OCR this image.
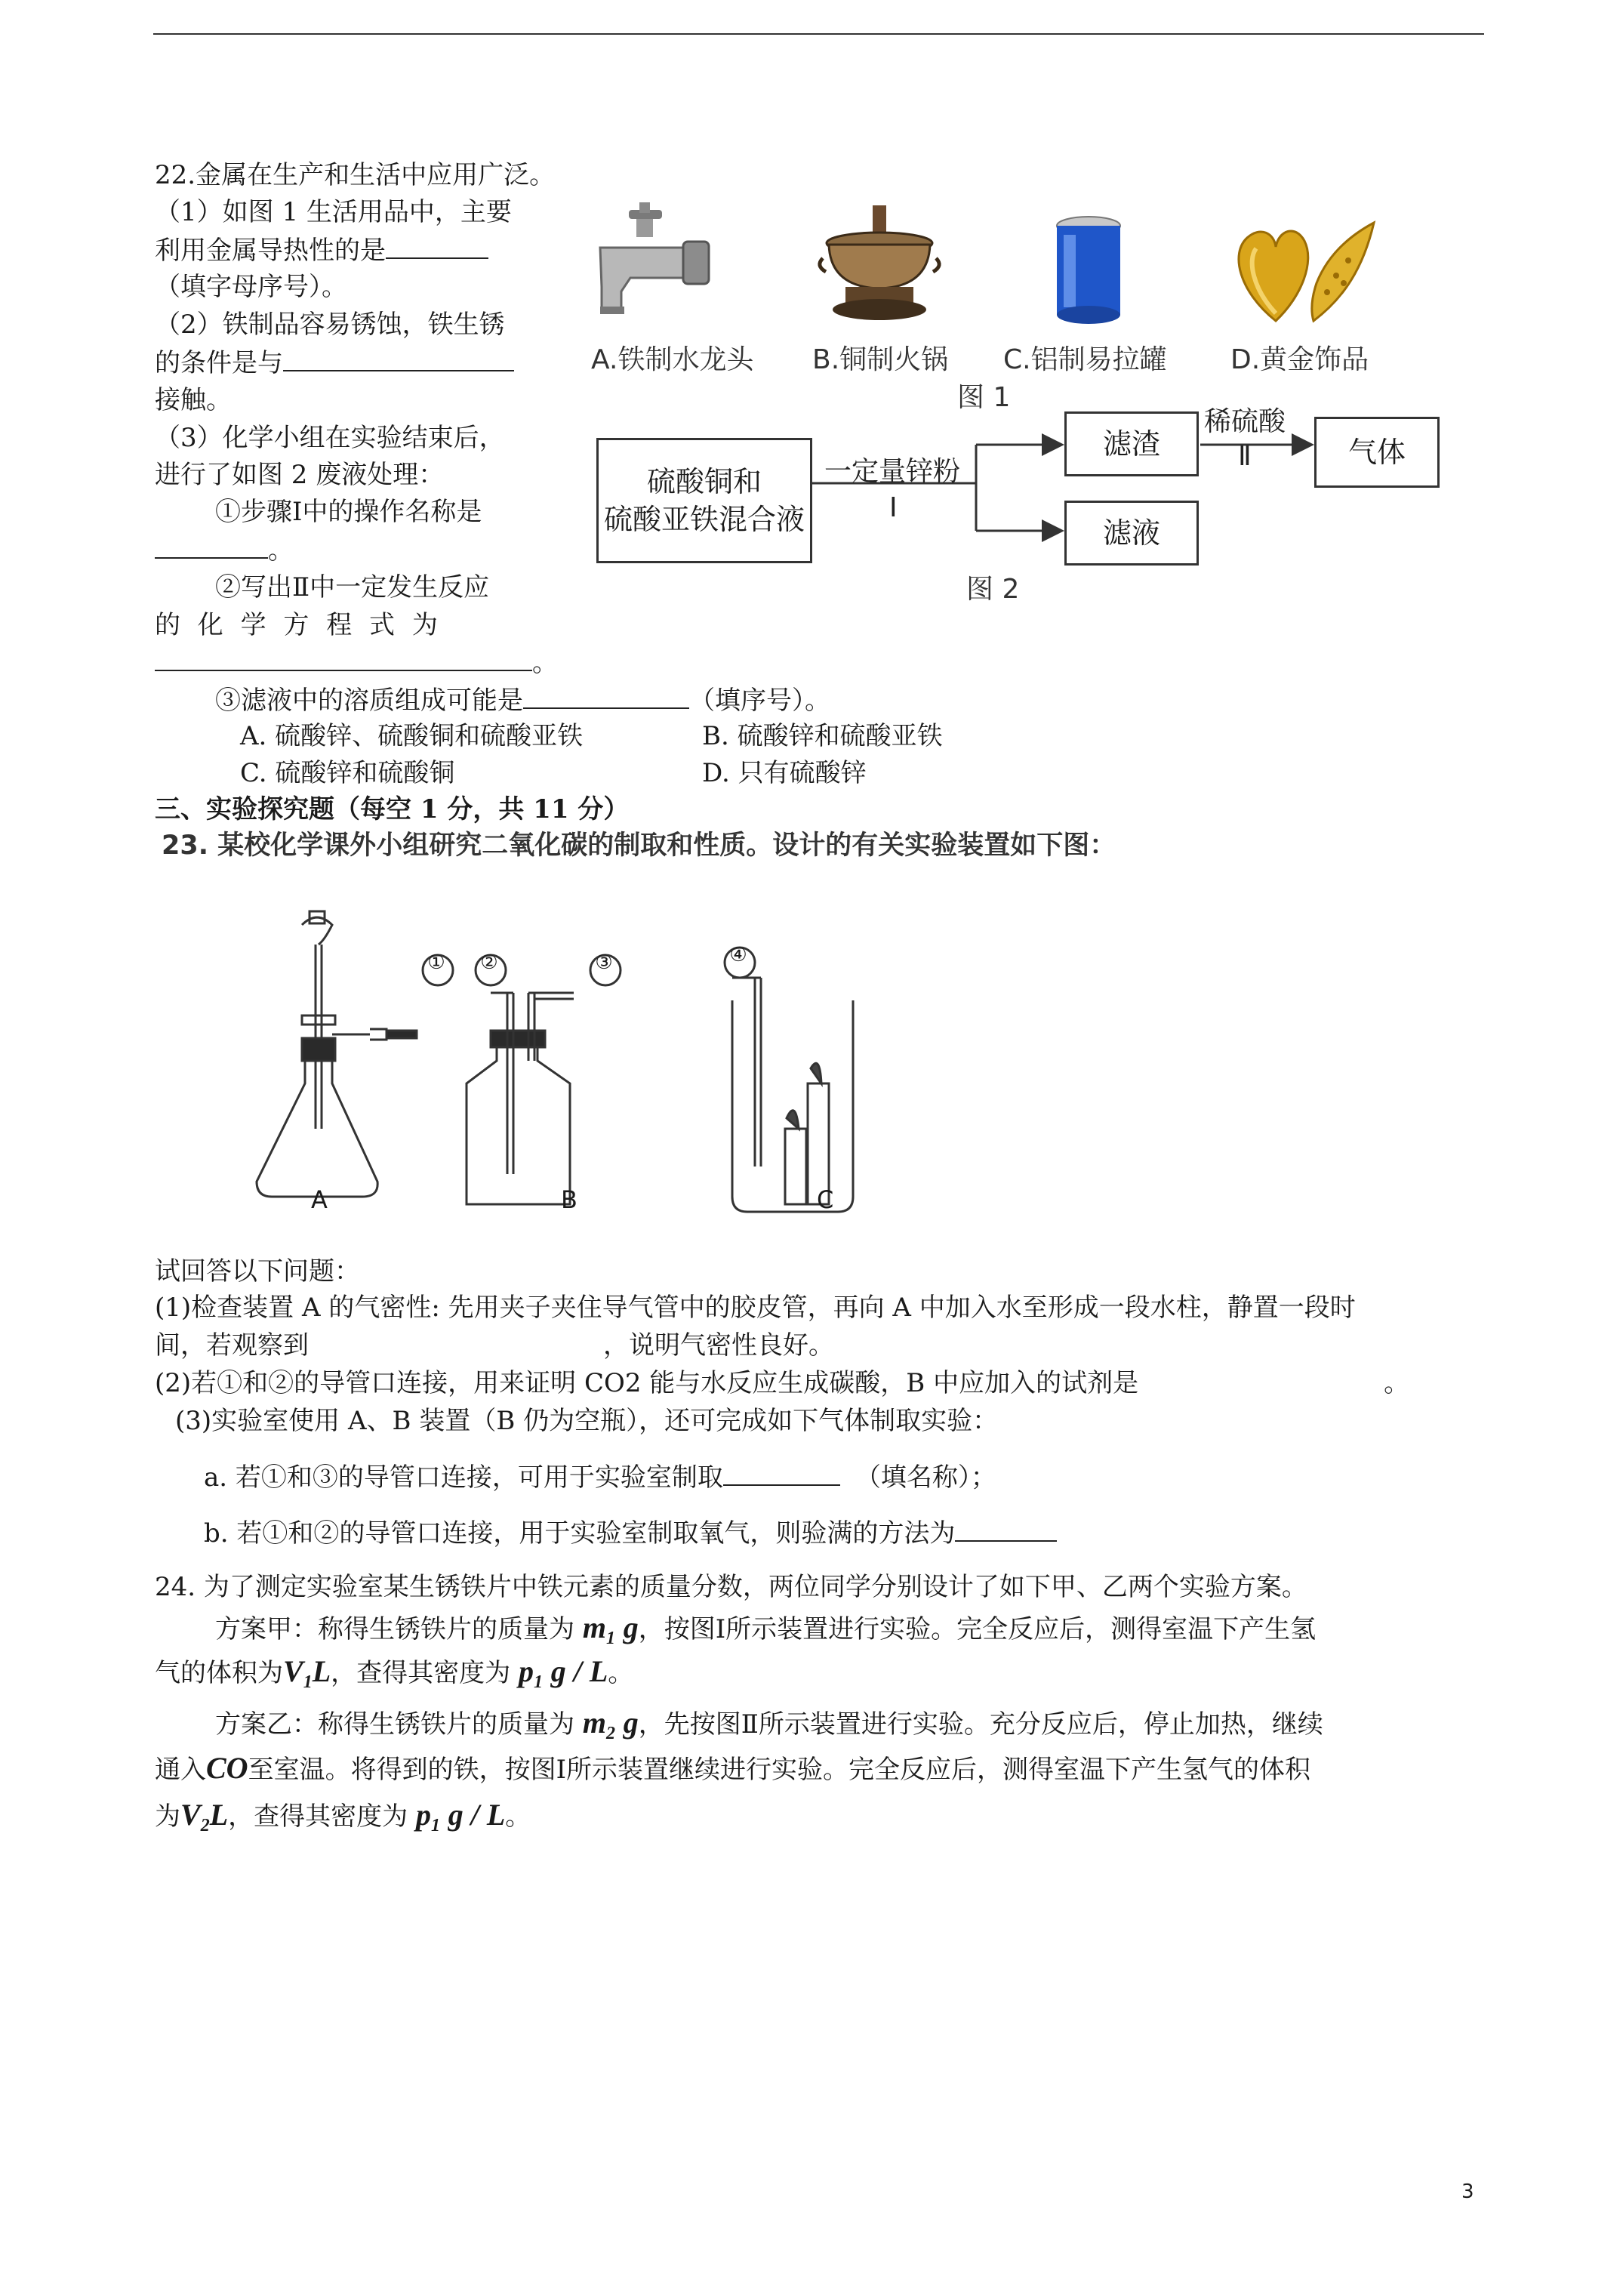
22.金属在生产和生活中应用广泛。
（1）如图 1 生活用品中，主要
利用金属导热性的是
（填字母序号）。
（2）铁制品容易锈蚀，铁生锈
的条件是与
接触。
（3）化学小组在实验结束后，
进行了如图 2 废液处理：
①步骤Ⅰ中的操作名称是
。
②写出Ⅱ中一定发生反应
的 化 学 方 程 式 为
。
③滤液中的溶质组成可能是	（填序号）。
A. 硫酸锌、硫酸铜和硫酸亚铁	B. 硫酸锌和硫酸亚铁
C. 硫酸锌和硫酸铜	D. 只有硫酸锌
A.铁制水龙头 B.铜制火锅 C.铝制易拉罐 D.黄金饰品
图 1
硫酸铜和
硫酸亚铁混合液
一定量锌粉
Ⅰ
滤渣
滤液
稀硫酸
Ⅱ	气体
图 2
三、实验探究题（每空 1 分，共 11 分）
23. 某校化学课外小组研究二氧化碳的制取和性质。设计的有关实验装置如下图：
① ②	③	④
A	B	C
试回答以下问题：
(1)检查装置 A 的气密性: 先用夹子夹住导气管中的胶皮管，再向 A 中加入水至形成一段水柱，静置一段时
间，若观察到	，说明气密性良好。
(2)若①和②的导管口连接，用来证明 CO2 能与水反应生成碳酸，B 中应加入的试剂是	。
(3)实验室使用 A、B 装置（B 仍为空瓶），还可完成如下气体制取实验：
a. 若①和③的导管口连接，可用于实验室制取	（填名称）；
b. 若①和②的导管口连接，用于实验室制取氧气，则验满的方法为
24. 为了测定实验室某生锈铁片中铁元素的质量分数，两位同学分别设计了如下甲、乙两个实验方案。
方案甲：称得生锈铁片的质量为 $m_1$ g，按图Ⅰ所示装置进行实验。完全反应后，测得室温下产生氢
气的体积为$V_1L$，查得其密度为 $p_1$ g / L。
方案乙：称得生锈铁片的质量为 $m_2$ g，先按图Ⅱ所示装置进行实验。充分反应后，停止加热，继续
通入CO至室温。将得到的铁，按图Ⅰ所示装置继续进行实验。完全反应后，测得室温下产生氢气的体积
为$V_2L$，查得其密度为 $p_1$ g / L。
3
